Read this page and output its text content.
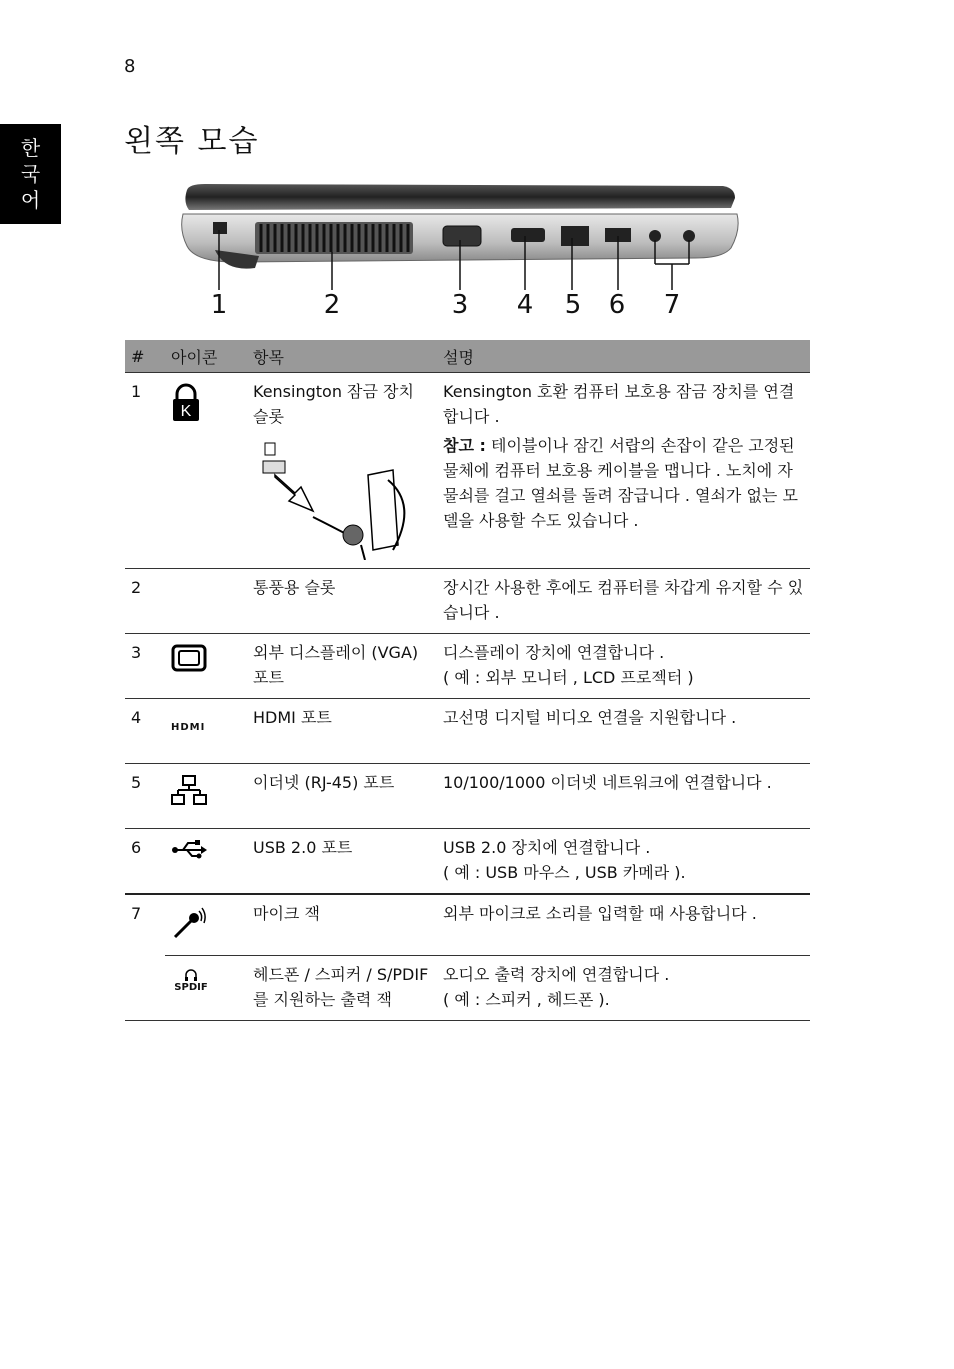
8
한
국
어
왼쪽 모습
1	2	3 4 5 6 7
#	아이콘	항목	설명
1	K	Kensington 잠금 장치 슬롯	Kensington 호환 컴퓨터 보호용 잠금 장치를 연결합니다 .
참고 : 테이블이나 잠긴 서랍의 손잡이 같은 고정된 물체에 컴퓨터 보호용 케이블을 맵니다 . 노치에 자물쇠를 걸고 열쇠를 돌려 잠급니다 . 열쇠가 없는 모델을 사용할 수도 있습니다 .

2		통풍용 슬롯	장시간 사용한 후에도 컴퓨터를 차갑게 유지할 수 있습니다 .
3		외부 디스플레이 (VGA) 포트	디스플레이 장치에 연결합니다 .
( 예 : 외부 모니터 , LCD 프로젝터 )

4	HDMI	HDMI 포트	고선명 디지털 비디오 연결을 지원합니다 .
5		이더넷 (RJ-45) 포트	10/100/1000 이더넷 네트워크에 연결합니다 .
6		USB 2.0 포트	USB 2.0 장치에 연결합니다 .
( 예 : USB 마우스 , USB 카메라 ).

7		마이크 잭	외부 마이크로 소리를 입력할 때 사용합니다 .

	SPDIF	헤드폰 / 스피커 / S/PDIF 를 지원하는 출력 잭	오디오 출력 장치에 연결합니다 .
( 예 : 스피커 , 헤드폰 ).
